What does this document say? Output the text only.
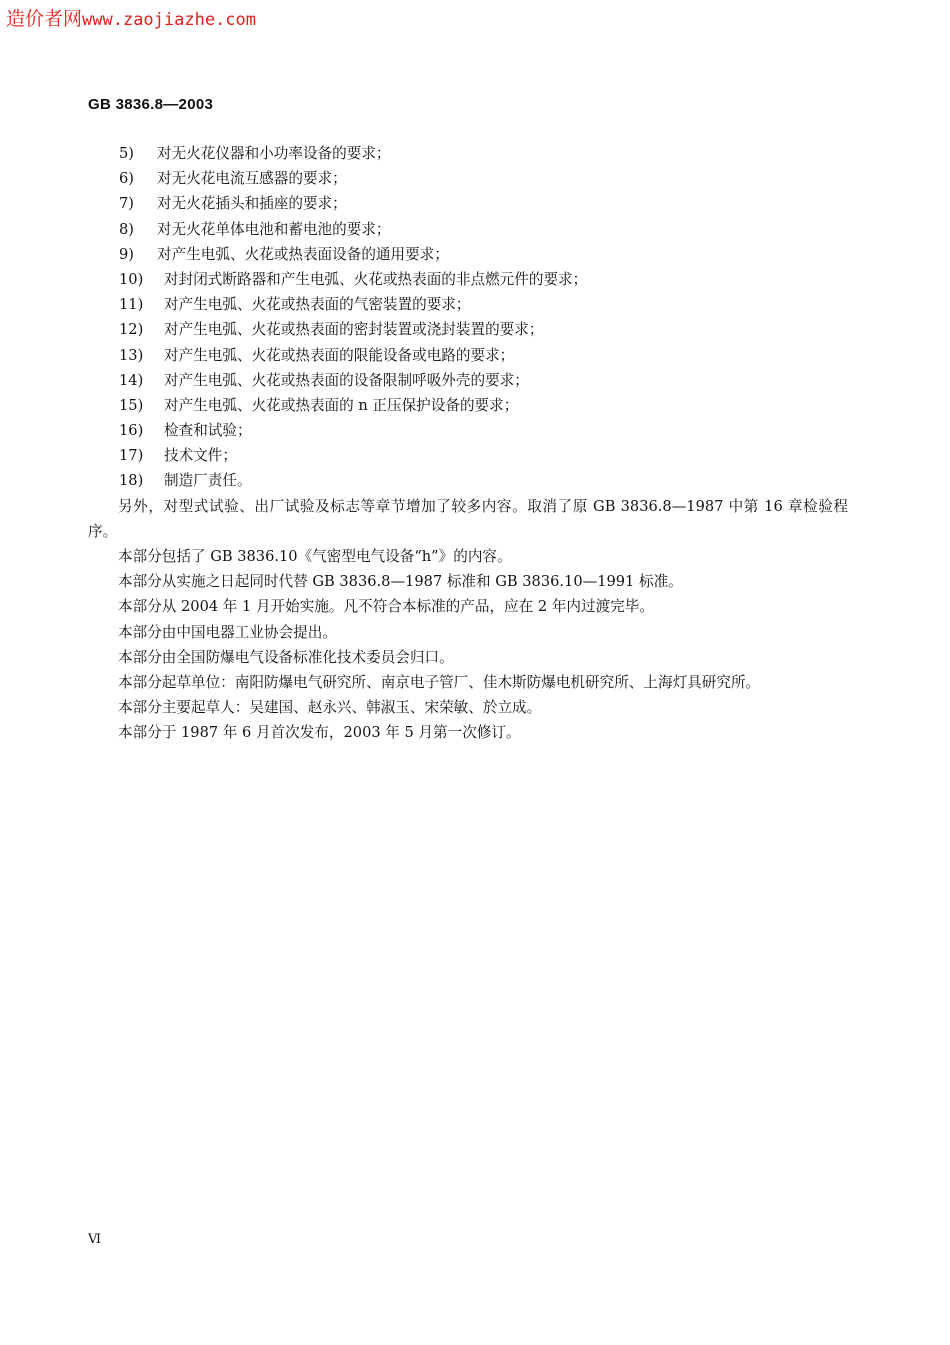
造价者网www.zaojiazhe.com
GB 3836.8—2003
5) 对无火花仪器和小功率设备的要求；
6) 对无火花电流互感器的要求；
7) 对无火花插头和插座的要求；
8) 对无火花单体电池和蓄电池的要求；
9) 对产生电弧、火花或热表面设备的通用要求；
10) 对封闭式断路器和产生电弧、火花或热表面的非点燃元件的要求；
11) 对产生电弧、火花或热表面的气密装置的要求；
12) 对产生电弧、火花或热表面的密封装置或浇封装置的要求；
13) 对产生电弧、火花或热表面的限能设备或电路的要求；
14) 对产生电弧、火花或热表面的设备限制呼吸外壳的要求；
15) 对产生电弧、火花或热表面的 n 正压保护设备的要求；
16) 检查和试验；
17) 技术文件；
18) 制造厂责任。

另外，对型式试验、出厂试验及标志等章节增加了较多内容。取消了原 GB 3836.8—1987 中第 16 章检验程序。

本部分包括了 GB 3836.10《气密型电气设备“h”》的内容。

本部分从实施之日起同时代替 GB 3836.8—1987 标准和 GB 3836.10—1991 标准。

本部分从 2004 年 1 月开始实施。凡不符合本标准的产品，应在 2 年内过渡完毕。

本部分由中国电器工业协会提出。

本部分由全国防爆电气设备标准化技术委员会归口。

本部分起草单位：南阳防爆电气研究所、南京电子管厂、佳木斯防爆电机研究所、上海灯具研究所。

本部分主要起草人：吴建国、赵永兴、韩淑玉、宋荣敏、於立成。

本部分于 1987 年 6 月首次发布，2003 年 5 月第一次修订。

Ⅵ
